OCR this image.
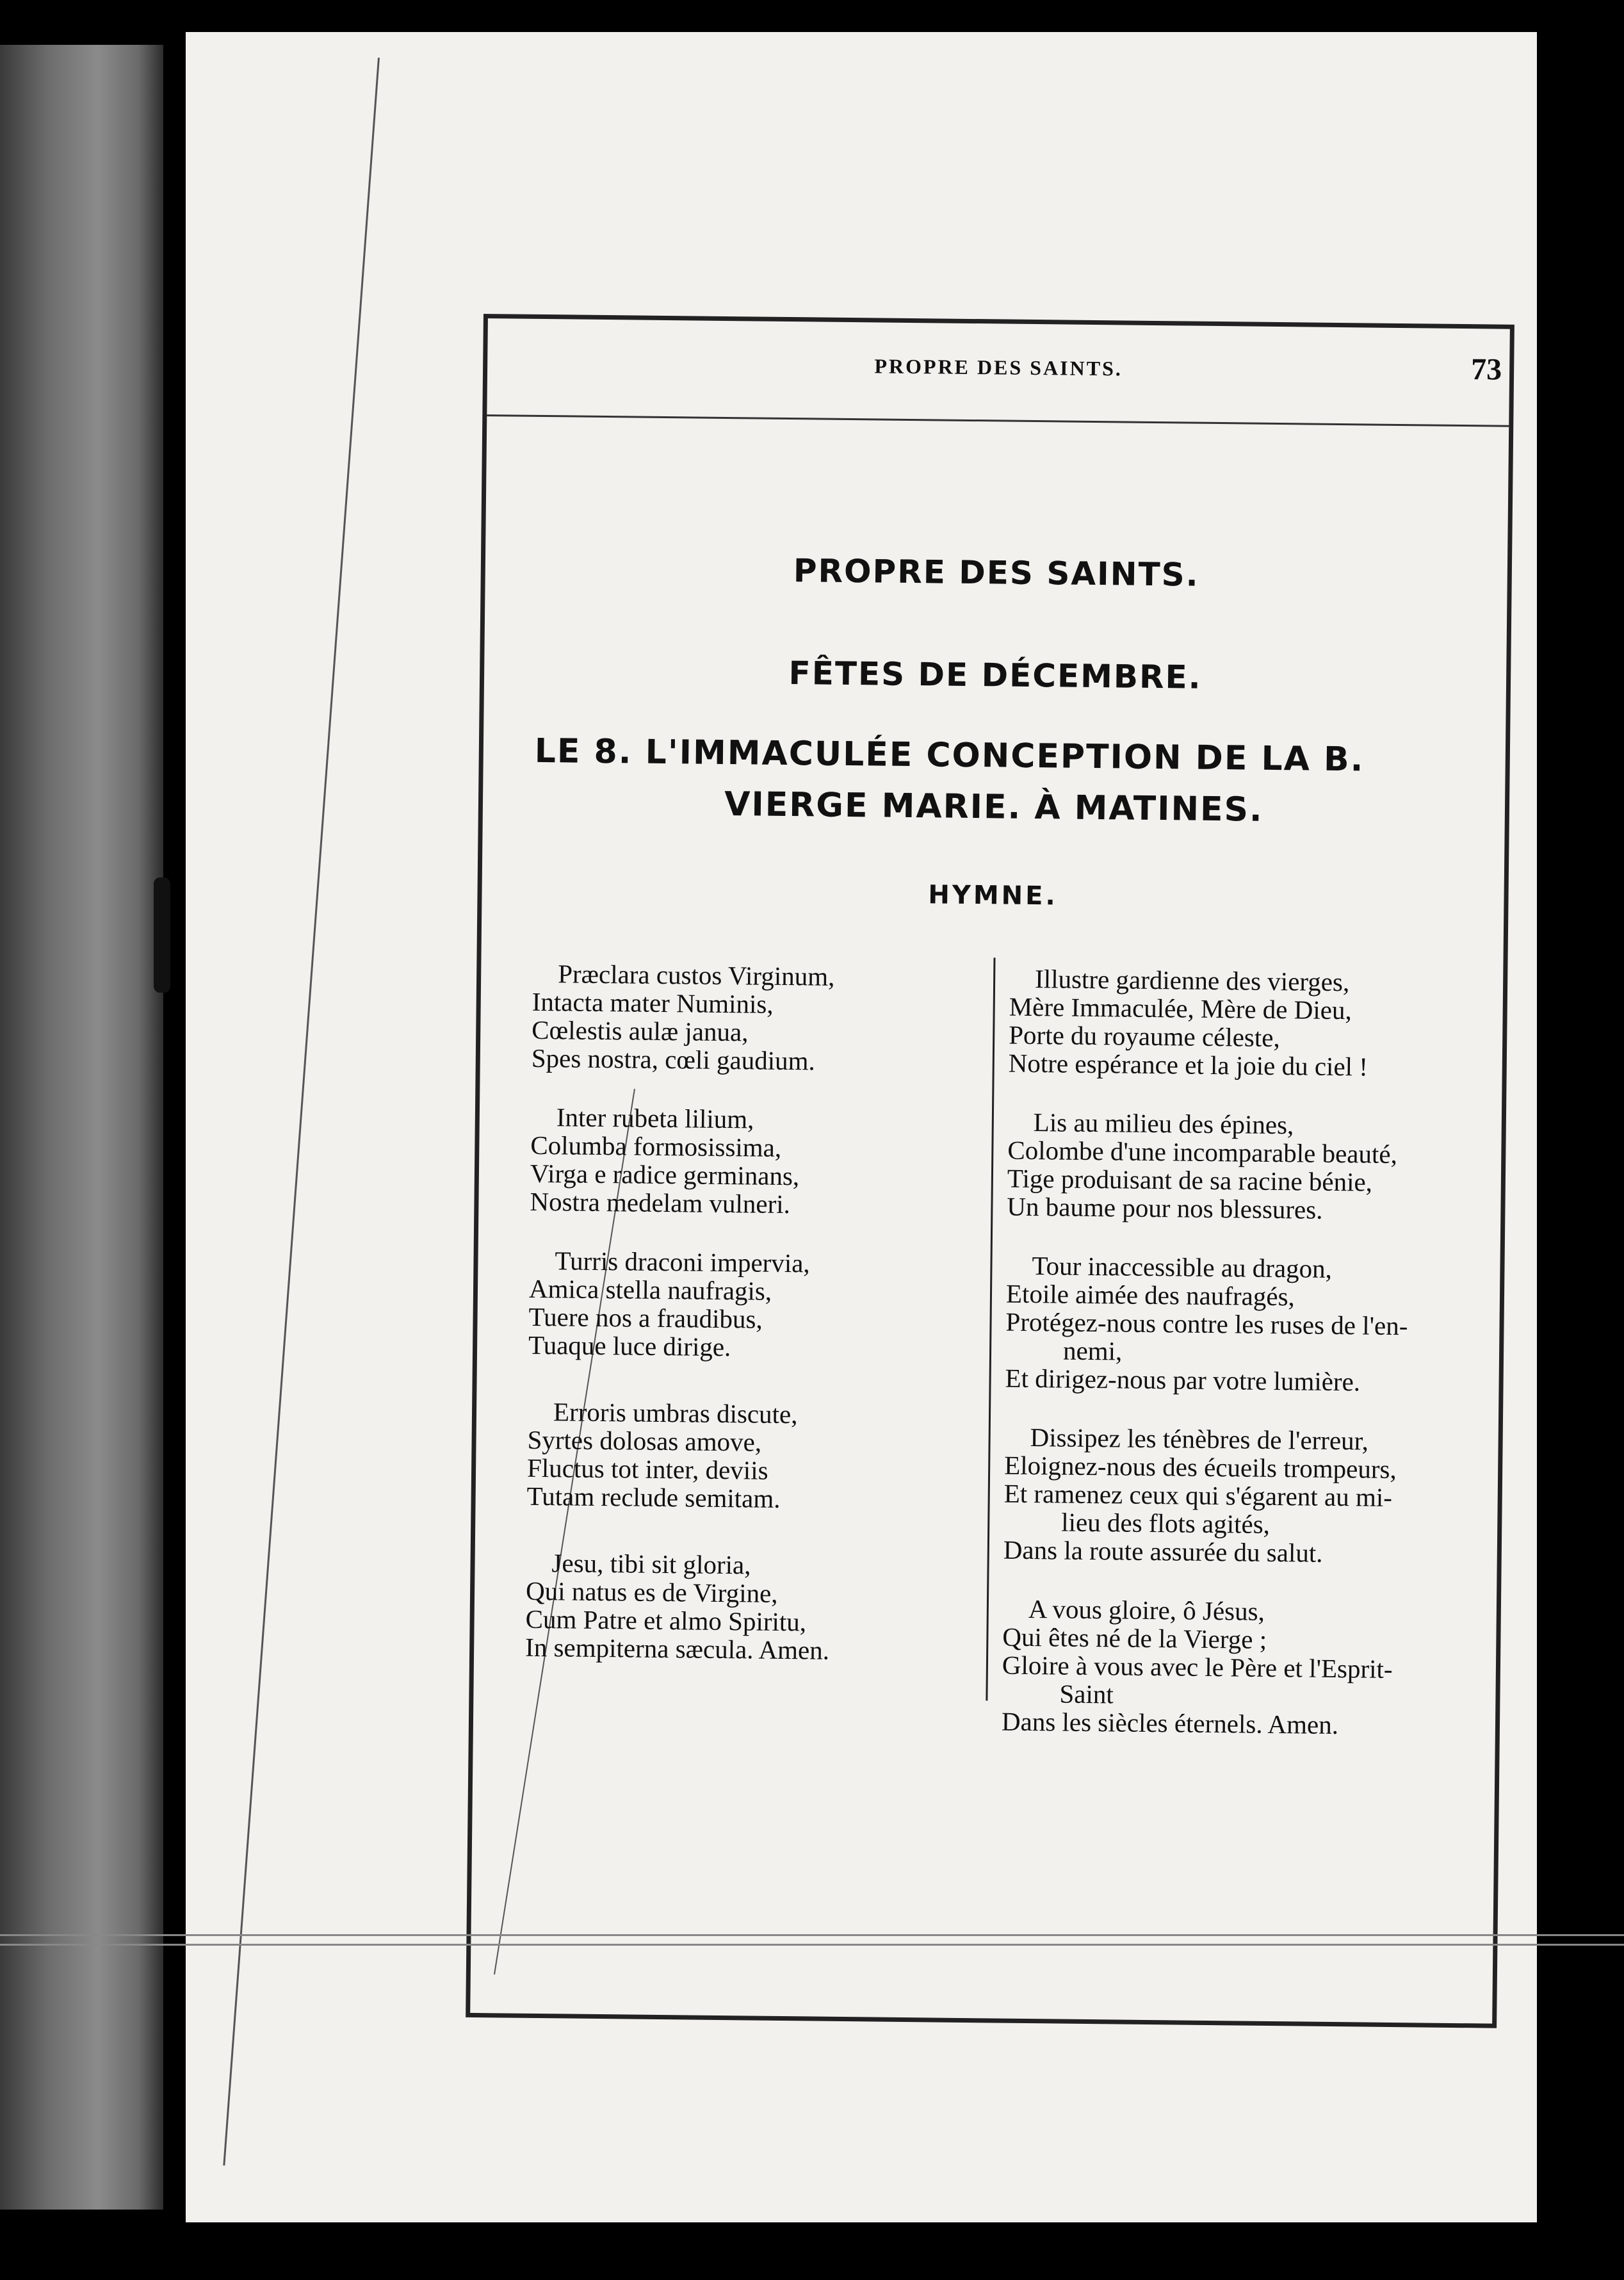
PROPRE DES SAINTS.	73
PROPRE DES SAINTS.
FÊTES DE DÉCEMBRE.
LE 8. L'IMMACULÉE CONCEPTION DE LA B.
VIERGE MARIE. À MATINES.
HYMNE.
Præclara custos Virginum,
Intacta mater Numinis,
Cœlestis aulæ janua,
Spes nostra, cœli gaudium.
Inter rubeta lilium,
Columba formosissima,
Virga e radice germinans,
Nostra medelam vulneri.
Turris draconi impervia,
Amica stella naufragis,
Tuere nos a fraudibus,
Tuaque luce dirige.
Erroris umbras discute,
Syrtes dolosas amove,
Fluctus tot inter, deviis
Tutam reclude semitam.
Jesu, tibi sit gloria,
Qui natus es de Virgine,
Cum Patre et almo Spiritu,
In sempiterna sæcula. Amen.
Illustre gardienne des vierges,
Mère Immaculée, Mère de Dieu,
Porte du royaume céleste,
Notre espérance et la joie du ciel !
Lis au milieu des épines,
Colombe d'une incomparable beauté,
Tige produisant de sa racine bénie,
Un baume pour nos blessures.
Tour inaccessible au dragon,
Etoile aimée des naufragés,
Protégez-nous contre les ruses de l'en-
nemi,
Et dirigez-nous par votre lumière.
Dissipez les ténèbres de l'erreur,
Eloignez-nous des écueils trompeurs,
Et ramenez ceux qui s'égarent au mi-
lieu des flots agités,
Dans la route assurée du salut.
A vous gloire, ô Jésus,
Qui êtes né de la Vierge ;
Gloire à vous avec le Père et l'Esprit-
Saint
Dans les siècles éternels. Amen.
